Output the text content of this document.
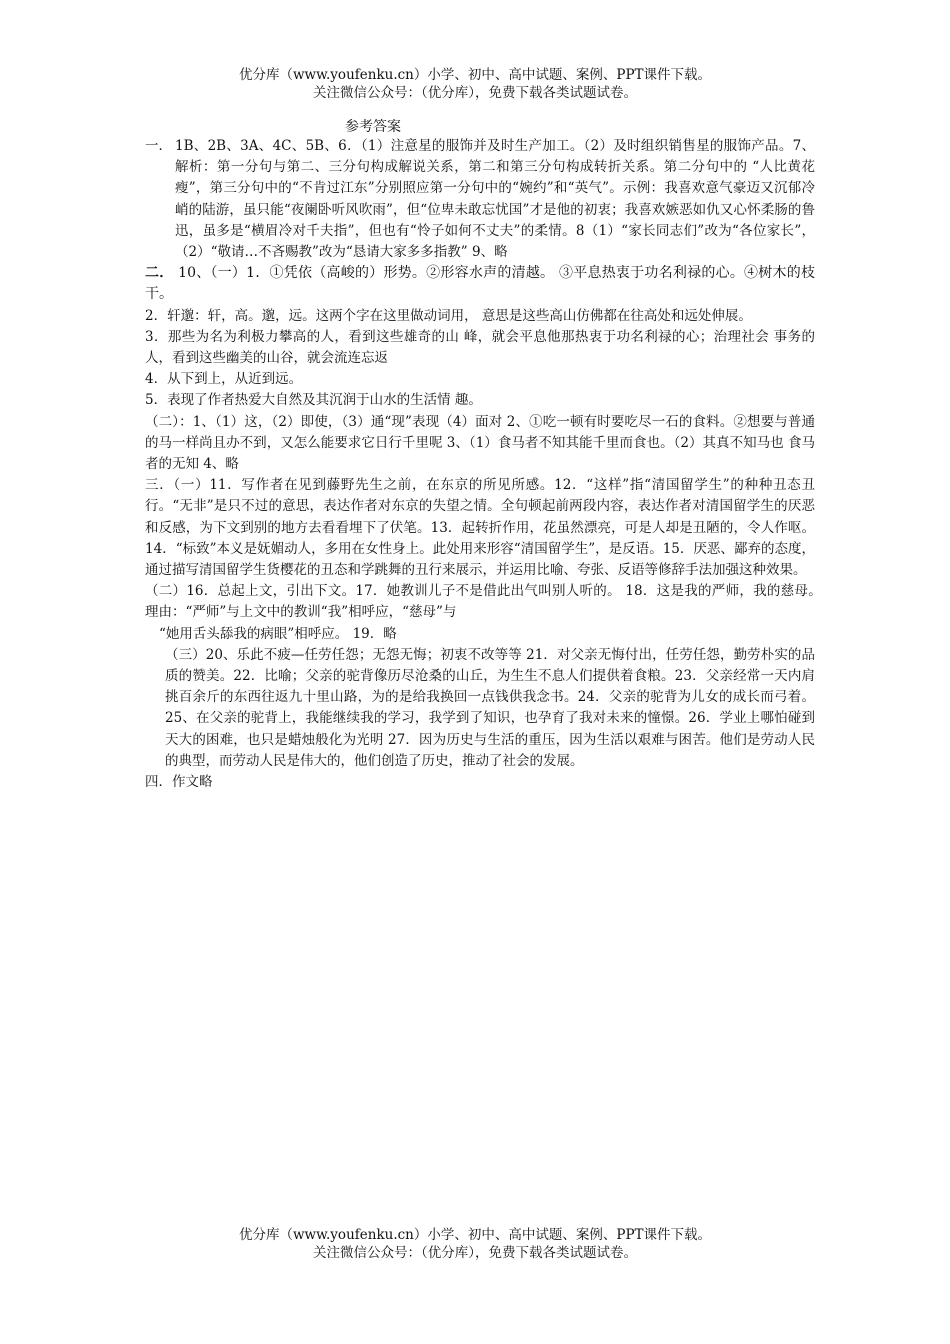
优分库（www.youfenku.cn）小学、初中、高中试题、案例、PPT课件下载。
关注微信公众号：（优分库），免费下载各类试题试卷。
参考答案
一． 1B、2B、3A、4C、5B、6．（1）注意星的服饰并及时生产加工。（2）及时组织销售星的服饰产品。7、解析：第一分句与第二、三分句构成解说关系，第二和第三分句构成转折关系。第二分句中的 “人比黄花瘦”，第三分句中的“不肯过江东”分别照应第一分句中的“婉约”和“英气”。示例：我喜欢意气豪迈又沉郁冷峭的陆游，虽只能“夜阑卧听风吹雨”，但“位卑未敢忘忧国”才是他的初衷；我喜欢嫉恶如仇又心怀柔肠的鲁迅，虽多是“横眉冷对千夫指”，但也有“怜子如何不丈夫”的柔情。8（1）“家长同志们”改为“各位家长”，（2）“敬请…不吝赐教”改为“恳请大家多多指教” 9、略

二． 10、（一）1．①凭依（高峻的）形势。②形容水声的清越。 ③平息热衷于功名利禄的心。④树木的枝干。

2．轩邈：轩，高。邈，远。这两个字在这里做动词用， 意思是这些高山仿佛都在往高处和远处伸展。

3．那些为名为利极力攀高的人，看到这些雄奇的山 峰，就会平息他那热衷于功名利禄的心；治理社会 事务的人，看到这些幽美的山谷，就会流连忘返

4．从下到上，从近到远。

5．表现了作者热爱大自然及其沉润于山水的生活情 趣。

（二）：1、（1）这，（2）即使，（3）通“现”表现（4）面对 2、①吃一顿有时要吃尽一石的食料。②想要与普通的马一样尚且办不到，又怎么能要求它日行千里呢 3、（1）食马者不知其能千里而食也。（2）其真不知马也 食马者的无知 4、略

三．（一）11．写作者在见到藤野先生之前，在东京的所见所感。12．“这样”指“清国留学生”的种种丑态丑行。“无非”是只不过的意思，表达作者对东京的失望之情。全句顿起前两段内容，表达作者对清国留学生的厌恶和反感，为下文到别的地方去看看埋下了伏笔。13．起转折作用，花虽然漂亮，可是人却是丑陋的，令人作呕。14．“标致”本义是妩媚动人，多用在女性身上。此处用来形容“清国留学生”，是反语。15．厌恶、鄙弃的态度，通过描写清国留学生货樱花的丑态和学跳舞的丑行来展示，并运用比喻、夸张、反语等修辞手法加强这种效果。

（二）16．总起上文，引出下文。17．她教训儿子不是借此出气叫别人听的。 18．这是我的严师，我的慈母。　理由：“严师”与上文中的教训“我”相呼应，“慈母”与

“她用舌头舔我的病眼”相呼应。 19．略

（三）20、乐此不疲—任劳任怨；无怨无悔；初衷不改等等 21．对父亲无悔付出，任劳任怨，勤劳朴实的品质的赞美。22．比喻；父亲的驼背像历尽沧桑的山丘，为生生不息人们提供着食粮。23．父亲经常一天内肩挑百余斤的东西往返九十里山路，为的是给我换回一点钱供我念书。24．父亲的驼背为儿女的成长而弓着。25、在父亲的驼背上，我能继续我的学习，我学到了知识，也孕育了我对未来的憧憬。26．学业上哪怕碰到天大的困难，也只是蜡烛般化为光明 27．因为历史与生活的重压，因为生活以艰难与困苦。他们是劳动人民的典型，而劳动人民是伟大的，他们创造了历史，推动了社会的发展。

四．作文略

优分库（www.youfenku.cn）小学、初中、高中试题、案例、PPT课件下载。
关注微信公众号：（优分库），免费下载各类试题试卷。
